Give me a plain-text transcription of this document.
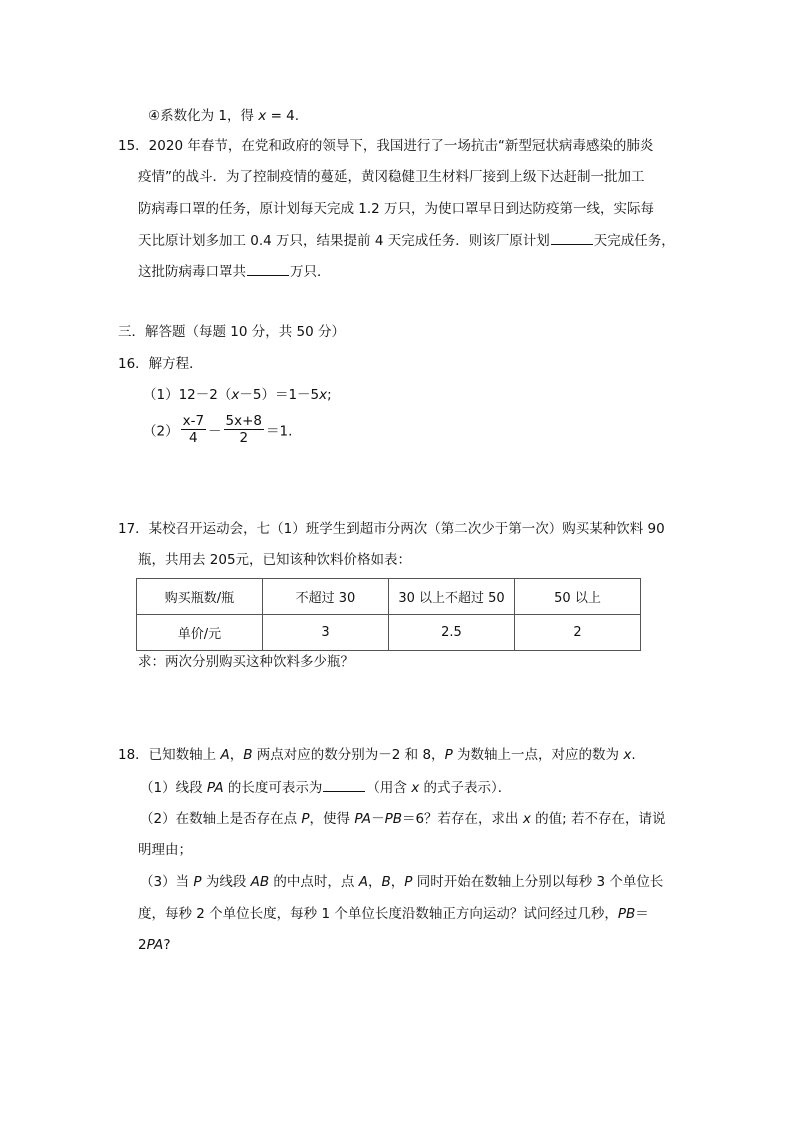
④系数化为 1，得 x = 4.
15．2020 年春节，在党和政府的领导下，我国进行了一场抗击“新型冠状病毒感染的肺炎
疫情”的战斗．为了控制疫情的蔓延，黄冈稳健卫生材料厂接到上级下达赶制一批加工
防病毒口罩的任务，原计划每天完成 1.2 万只，为使口罩早日到达防疫第一线，实际每
天比原计划多加工 0.4 万只，结果提前 4 天完成任务．则该厂原计划	天完成任务，
这批防病毒口罩共	万只．
三．解答题（每题 10 分，共 50 分）
16．解方程．
（1）12－2（x－5）＝1－5x;
$(2) \frac{x-7}{4} - \frac{5x+8}{2} =1$.
17．某校召开运动会，七（1）班学生到超市分两次（第二次少于第一次）购买某种饮料 90
瓶，共用去 205元，已知该种饮料价格如表：
购买瓶数/瓶	不超过 30	30 以上不超过 50	50 以上
单价/元	3	2.5	2
求：两次分别购买这种饮料多少瓶？
18．已知数轴上 A，B 两点对应的数分别为－2 和 8，P 为数轴上一点，对应的数为 x.
（1）线段 PA 的长度可表示为	（用含 x 的式子表示）．
（2）在数轴上是否存在点 P，使得 PA－PB＝6？若存在，求出 x 的值; 若不存在，请说
明理由；
（3）当 P 为线段 AB 的中点时，点 A，B，P 同时开始在数轴上分别以每秒 3 个单位长
度，每秒 2 个单位长度，每秒 1 个单位长度沿数轴正方向运动？试问经过几秒，PB＝
2PA?
